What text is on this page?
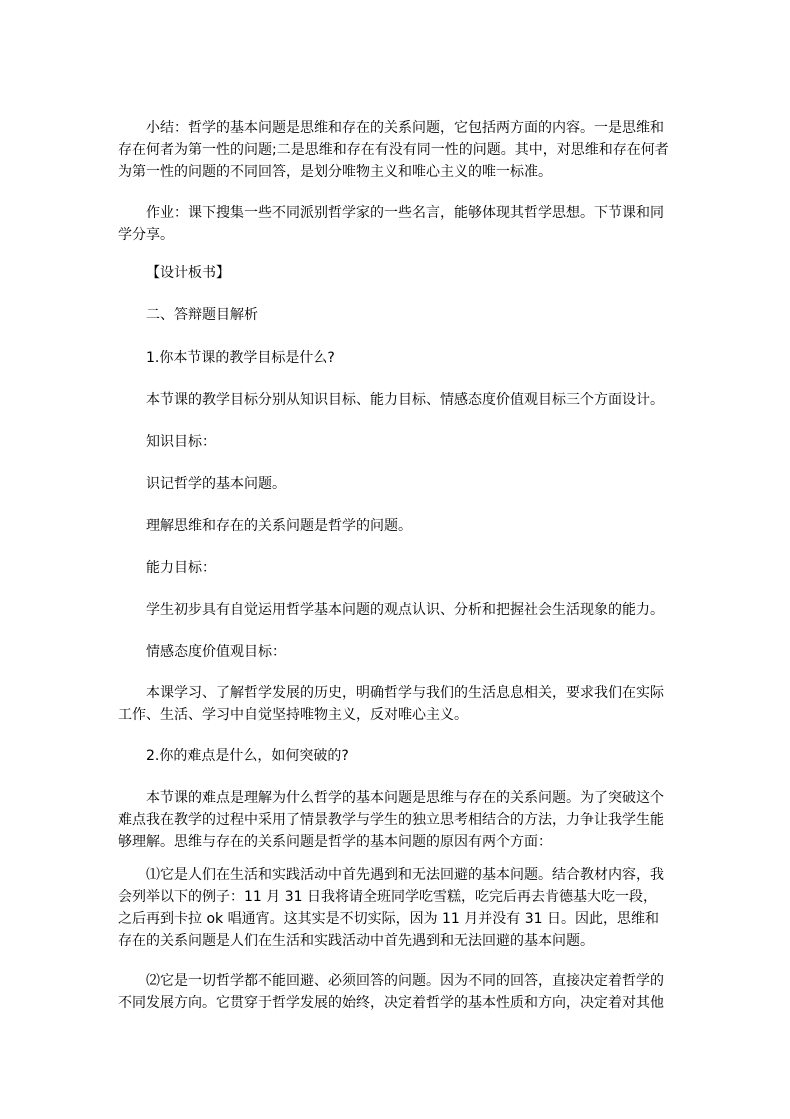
小结：哲学的基本问题是思维和存在的关系问题，它包括两方面的内容。一是思维和存在何者为第一性的问题;二是思维和存在有没有同一性的问题。其中，对思维和存在何者为第一性的问题的不同回答，是划分唯物主义和唯心主义的唯一标准。
作业：课下搜集一些不同派别哲学家的一些名言，能够体现其哲学思想。下节课和同学分享。
【设计板书】
二、答辩题目解析
1.你本节课的教学目标是什么?
本节课的教学目标分别从知识目标、能力目标、情感态度价值观目标三个方面设计。
知识目标：
识记哲学的基本问题。
理解思维和存在的关系问题是哲学的问题。
能力目标：
学生初步具有自觉运用哲学基本问题的观点认识、分析和把握社会生活现象的能力。
情感态度价值观目标：
本课学习、了解哲学发展的历史，明确哲学与我们的生活息息相关，要求我们在实际工作、生活、学习中自觉坚持唯物主义，反对唯心主义。
2.你的难点是什么，如何突破的?
本节课的难点是理解为什么哲学的基本问题是思维与存在的关系问题。为了突破这个难点我在教学的过程中采用了情景教学与学生的独立思考相结合的方法，力争让我学生能够理解。思维与存在的关系问题是哲学的基本问题的原因有两个方面：
⑴它是人们在生活和实践活动中首先遇到和无法回避的基本问题。结合教材内容，我会列举以下的例子：11 月 31 日我将请全班同学吃雪糕，吃完后再去肯德基大吃一段，之后再到卡拉 ok 唱通宵。这其实是不切实际，因为 11 月并没有 31 日。因此，思维和存在的关系问题是人们在生活和实践活动中首先遇到和无法回避的基本问题。
⑵它是一切哲学都不能回避、必须回答的问题。因为不同的回答，直接决定着哲学的不同发展方向。它贯穿于哲学发展的始终，决定着哲学的基本性质和方向，决定着对其他
